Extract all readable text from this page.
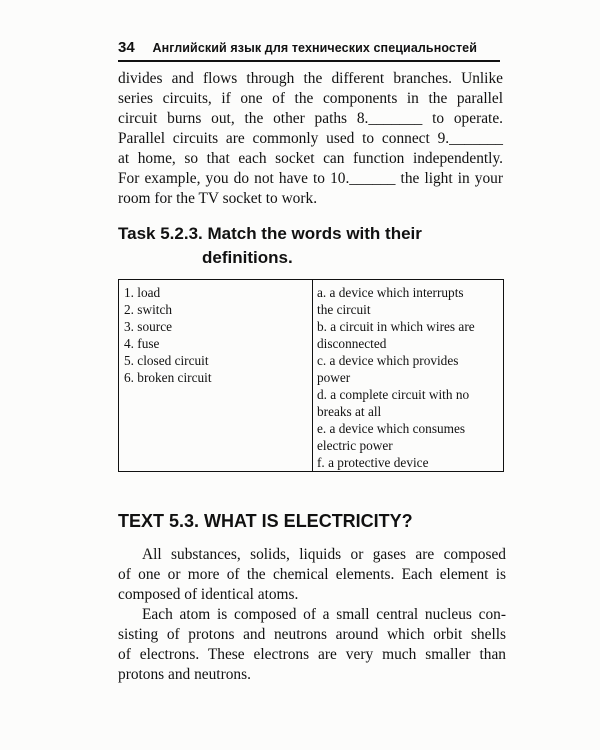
34 Английский язык для технических специальностей
divides and flows through the different branches. Unlike
series circuits, if one of the components in the parallel
circuit burns out, the other paths 8._______ to operate.
Parallel circuits are commonly used to connect 9._______
at home, so that each socket can function independently.
For example, you do not have to 10.______ the light in your
room for the TV socket to work.
Task 5.2.3. Match the words with their
definitions.
1. load
2. switch
3. source
4. fuse
5. closed circuit
6. broken circuit
a. a device which interrupts
the circuit
b. a circuit in which wires are
disconnected
c. a device which provides
power
d. a complete circuit with no
breaks at all
e. a device which consumes
electric power
f. a protective device
TEXT 5.3. WHAT IS ELECTRICITY?
All substances, solids, liquids or gases are composed
of one or more of the chemical elements. Each element is
composed of identical atoms.
Each atom is composed of a small central nucleus con-
sisting of protons and neutrons around which orbit shells
of electrons. These electrons are very much smaller than
protons and neutrons.
